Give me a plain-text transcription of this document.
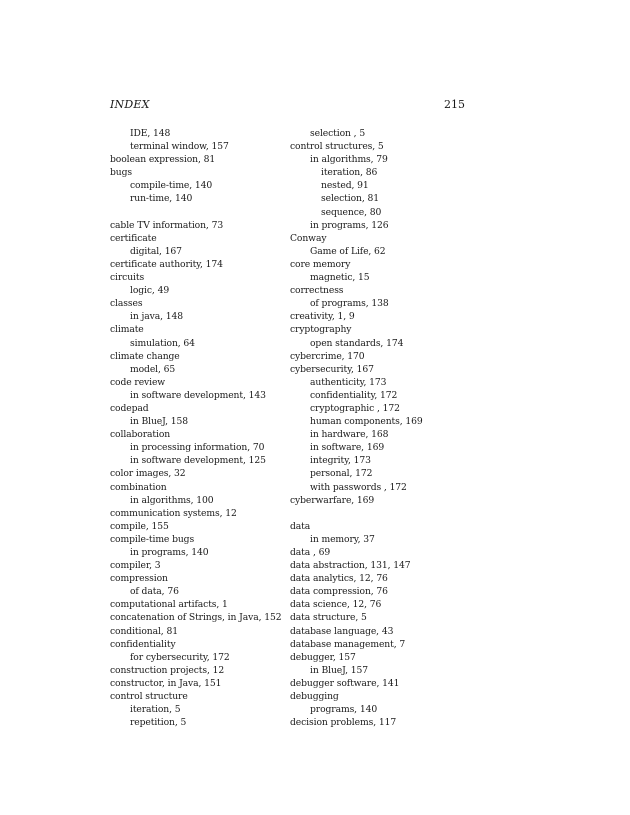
INDEX	215
IDE, 148
terminal window, 157
boolean expression, 81
bugs
compile-time, 140
run-time, 140
cable TV information, 73
certificate
digital, 167
certificate authority, 174
circuits
logic, 49
classes
in java, 148
climate
simulation, 64
climate change
model, 65
code review
in software development, 143
codepad
in BlueJ, 158
collaboration
in processing information, 70
in software development, 125
color images, 32
combination
in algorithms, 100
communication systems, 12
compile, 155
compile-time bugs
in programs, 140
compiler, 3
compression
of data, 76
computational artifacts, 1
concatenation of Strings, in Java, 152
conditional, 81
confidentiality
for cybersecurity, 172
construction projects, 12
constructor, in Java, 151
control structure
iteration, 5
repetition, 5
selection , 5
control structures, 5
in algorithms, 79
iteration, 86
nested, 91
selection, 81
sequence, 80
in programs, 126
Conway
Game of Life, 62
core memory
magnetic, 15
correctness
of programs, 138
creativity, 1, 9
cryptography
open standards, 174
cybercrime, 170
cybersecurity, 167
authenticity, 173
confidentiality, 172
cryptographic , 172
human components, 169
in hardware, 168
in software, 169
integrity, 173
personal, 172
with passwords , 172
cyberwarfare, 169
data
in memory, 37
data , 69
data abstraction, 131, 147
data analytics, 12, 76
data compression, 76
data science, 12, 76
data structure, 5
database language, 43
database management, 7
debugger, 157
in BlueJ, 157
debugger software, 141
debugging
programs, 140
decision problems, 117
